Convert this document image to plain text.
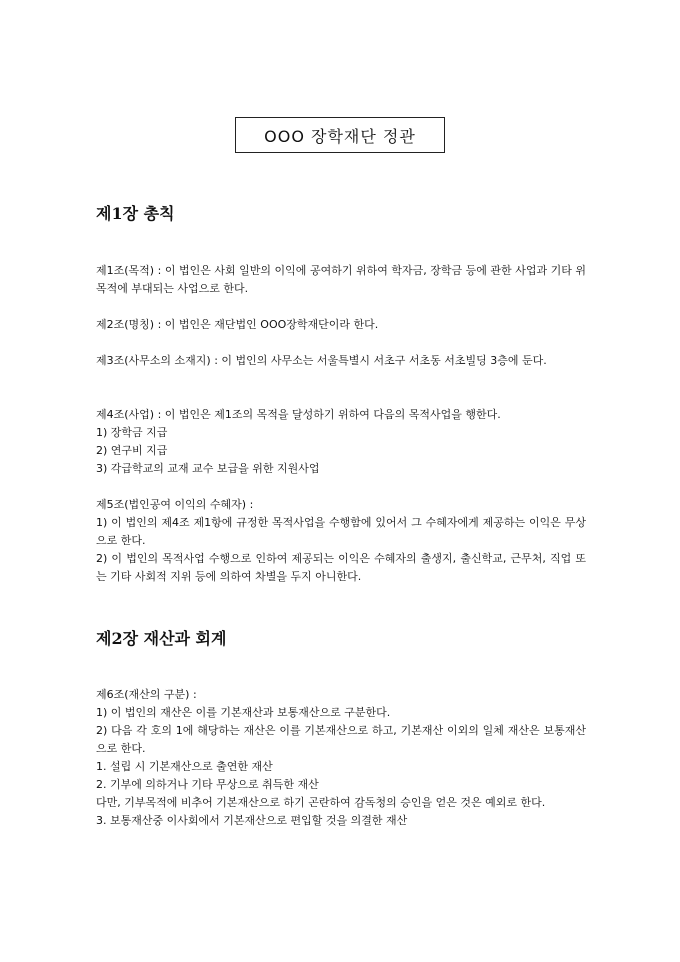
OOO 장학재단 정관
제1장 총칙
제1조(목적) : 이 법인은 사회 일반의 이익에 공여하기 위하여 학자금, 장학금 등에 관한 사업과 기타 위 목적에 부대되는 사업으로 한다.
제2조(명칭) : 이 법인은 재단법인 OOO장학재단이라 한다.
제3조(사무소의 소재지) : 이 법인의 사무소는 서울특별시 서초구 서초동 서초빌딩 3층에 둔다.
제4조(사업) : 이 법인은 제1조의 목적을 달성하기 위하여 다음의 목적사업을 행한다.
1) 장학금 지급
2) 연구비 지급
3) 각급학교의 교재 교수 보급을 위한 지원사업
제5조(법인공여 이익의 수혜자) :
1) 이 법인의 제4조 제1항에 규정한 목적사업을 수행함에 있어서 그 수혜자에게 제공하는 이익은 무상으로 한다.
2) 이 법인의 목적사업 수행으로 인하여 제공되는 이익은 수혜자의 출생지, 출신학교, 근무처, 직업 또는 기타 사회적 지위 등에 의하여 차별을 두지 아니한다.
제2장 재산과 회계
제6조(재산의 구분) :
1) 이 법인의 재산은 이를 기본재산과 보통재산으로 구분한다.
2) 다음 각 호의 1에 해당하는 재산은 이를 기본재산으로 하고, 기본재산 이외의 일체 재산은 보통재산으로 한다.
1. 설립 시 기본재산으로 출연한 재산
2. 기부에 의하거나 기타 무상으로 취득한 재산
다만, 기부목적에 비추어 기본재산으로 하기 곤란하여 감독청의 승인을 얻은 것은 예외로 한다.
3. 보통재산중 이사회에서 기본재산으로 편입할 것을 의결한 재산
